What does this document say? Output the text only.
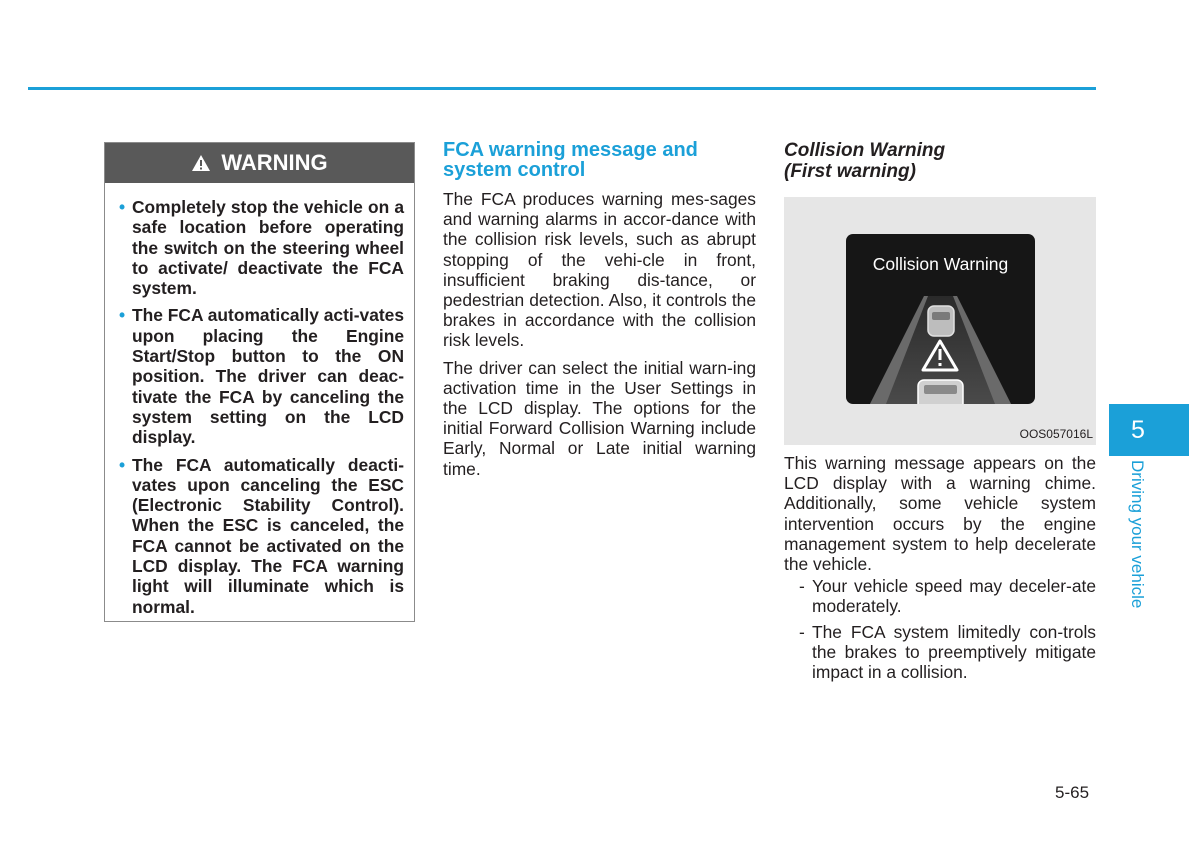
WARNING
• Completely stop the vehicle on a safe location before operating the switch on the steering wheel to activate/ deactivate the FCA system.
• The FCA automatically acti-vates upon placing the Engine Start/Stop button to the ON position. The driver can deac-tivate the FCA by canceling the system setting on the LCD display.
• The FCA automatically deacti-vates upon canceling the ESC (Electronic Stability Control). When the ESC is canceled, the FCA cannot be activated on the LCD display. The FCA warning light will illuminate which is normal.
FCA warning message and system control

The FCA produces warning mes-sages and warning alarms in accor-dance with the collision risk levels, such as abrupt stopping of the vehi-cle in front, insufficient braking dis-tance, or pedestrian detection. Also, it controls the brakes in accordance with the collision risk levels.

The driver can select the initial warn-ing activation time in the User Settings in the LCD display. The options for the initial Forward Collision Warning include Early, Normal or Late initial warning time.

Collision Warning
(First warning)
Collision Warning
OOS057016L

This warning message appears on the LCD display with a warning chime. Additionally, some vehicle system intervention occurs by the engine management system to help decelerate the vehicle.

- Your vehicle speed may deceler-ate moderately.
- The FCA system limitedly con-trols the brakes to preemptively mitigate impact in a collision.
5
Driving your vehicle
5-65
